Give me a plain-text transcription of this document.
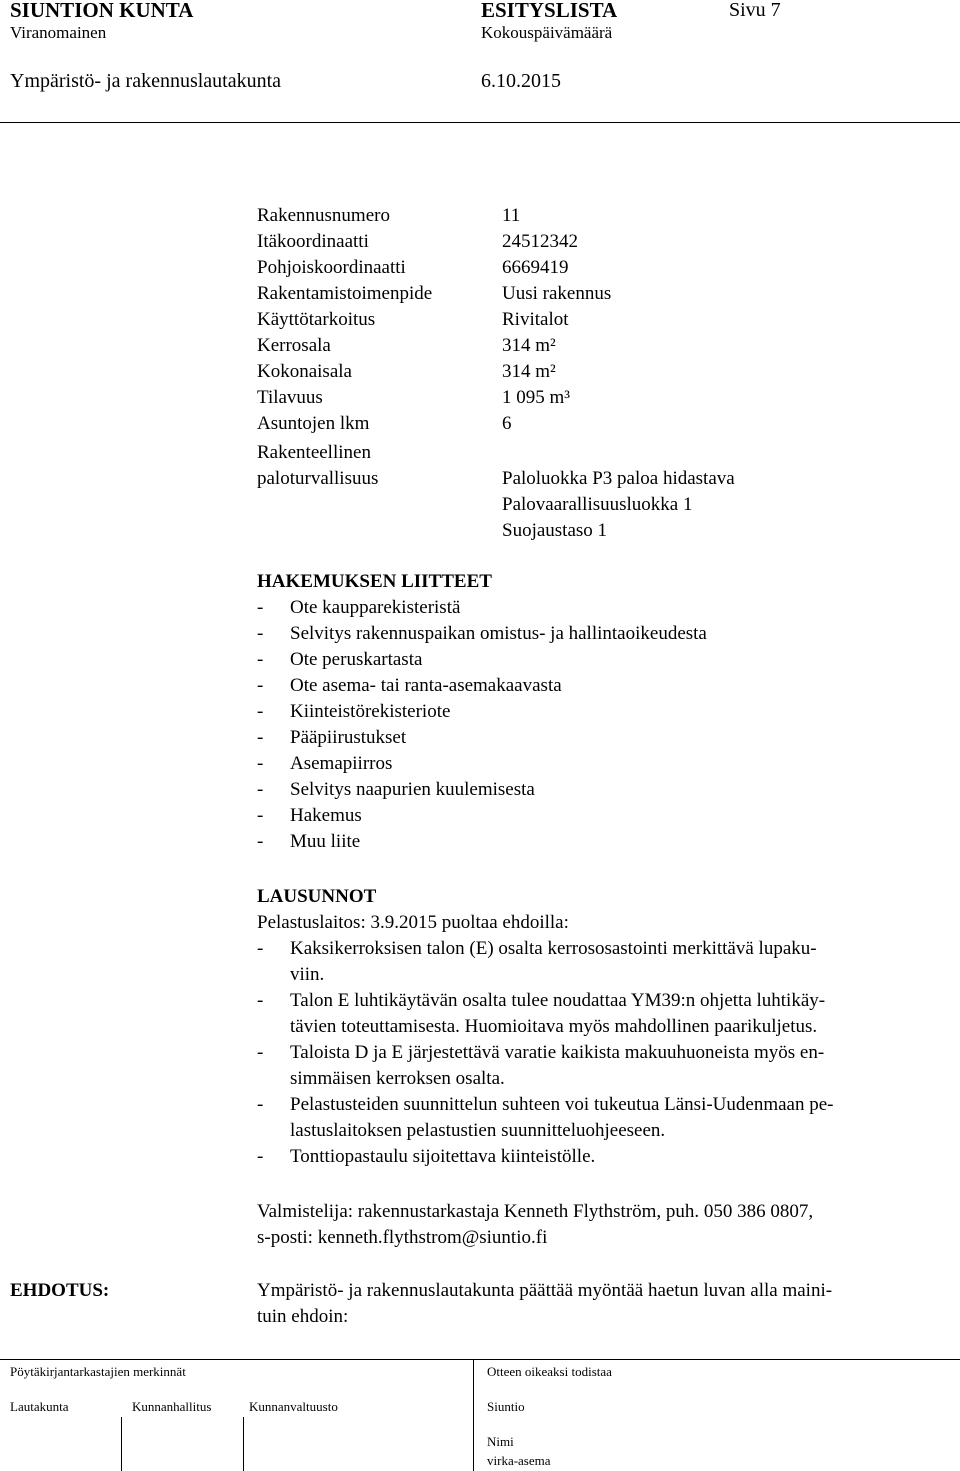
SIUNTION KUNTA	ESITYSLISTA	Sivu 7
Viranomainen	Kokouspäivämäärä
Ympäristö- ja rakennuslautakunta	6.10.2015
Rakennusnumero	11
Itäkoordinaatti	24512342
Pohjoiskoordinaatti	6669419
Rakentamistoimenpide	Uusi rakennus
Käyttötarkoitus	Rivitalot
Kerrosala	314 m²
Kokonaisala	314 m²
Tilavuus	1 095 m³
Asuntojen lkm	6
Rakenteellinen
paloturvallisuus	Paloluokka P3 paloa hidastava
Palovaarallisuusluokka 1
Suojaustaso 1
HAKEMUKSEN LIITTEET
- Ote kaupparekisteristä
- Selvitys rakennuspaikan omistus- ja hallintaoikeudesta
- Ote peruskartasta
- Ote asema- tai ranta-asemakaavasta
- Kiinteistörekisteriote
- Pääpiirustukset
- Asemapiirros
- Selvitys naapurien kuulemisesta
- Hakemus
- Muu liite
LAUSUNNOT
Pelastuslaitos: 3.9.2015 puoltaa ehdoilla:
- Kaksikerroksisen talon (E) osalta kerrososastointi merkittävä lupaku-
viin.
- Talon E luhtikäytävän osalta tulee noudattaa YM39:n ohjetta luhtikäy-
tävien toteuttamisesta. Huomioitava myös mahdollinen paarikuljetus.
- Taloista D ja E järjestettävä varatie kaikista makuuhuoneista myös en-
simmäisen kerroksen osalta.
- Pelastusteiden suunnittelun suhteen voi tukeutua Länsi-Uudenmaan pe-
lastuslaitoksen pelastustien suunnitteluohjeeseen.
- Tonttiopastaulu sijoitettava kiinteistölle.
Valmistelija: rakennustarkastaja Kenneth Flythström, puh. 050 386 0807,
s-posti: kenneth.flythstrom@siuntio.fi
EHDOTUS:	Ympäristö- ja rakennuslautakunta päättää myöntää haetun luvan alla maini-
tuin ehdoin:
Pöytäkirjantarkastajien merkinnät	Otteen oikeaksi todistaa
Lautakunta	Kunnanhallitus	Kunnanvaltuusto	Siuntio
Nimi
virka-asema
